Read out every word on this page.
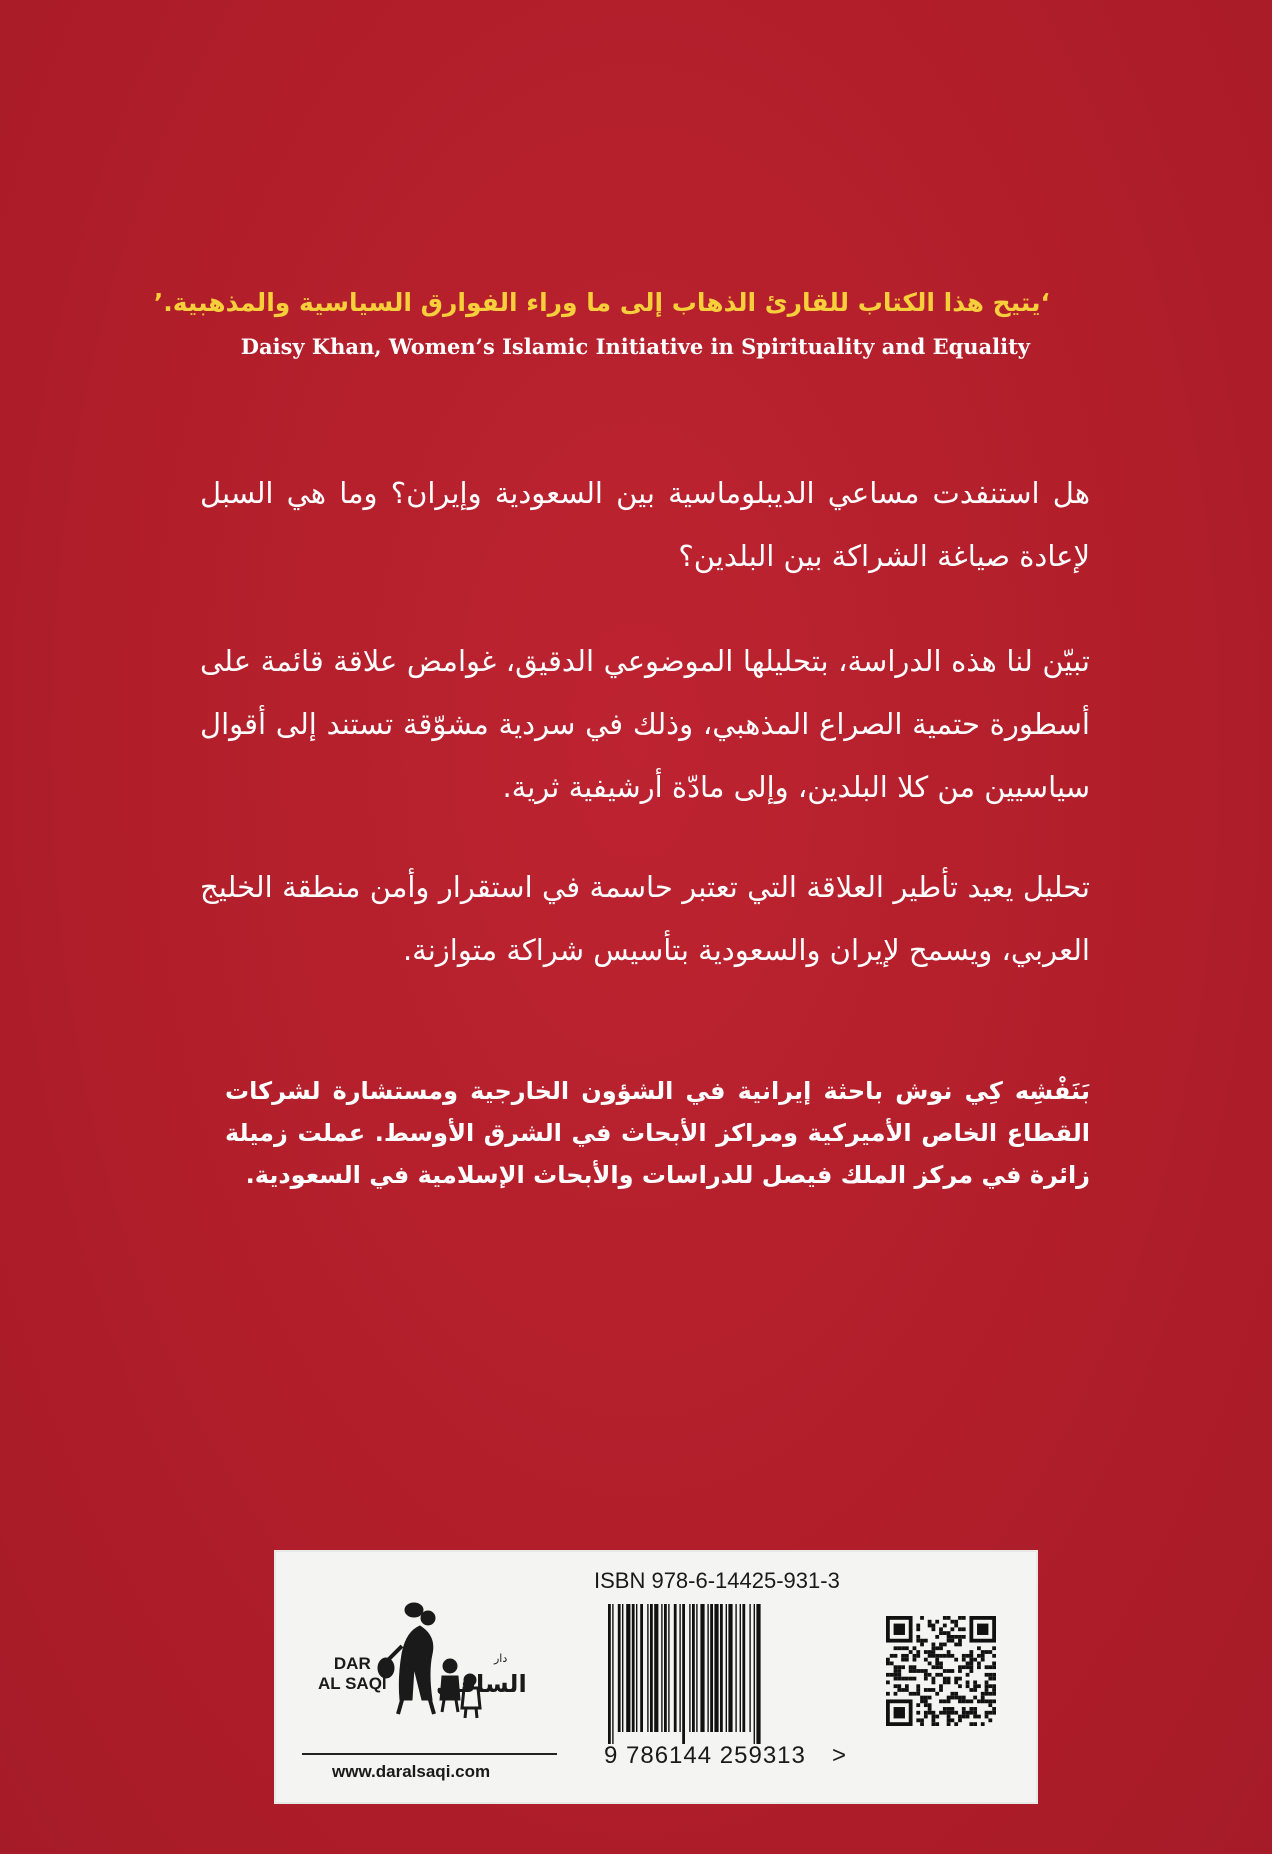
‘يتيح هذا الكتاب للقارئ الذهاب إلى ما وراء الفوارق السياسية والمذهبية.’
Daisy Khan, Women’s Islamic Initiative in Spirituality and Equality

هل استنفدت مساعي الديبلوماسية بين السعودية وإيران؟ وما هي السبل لإعادة صياغة الشراكة بين البلدين؟

تبيّن لنا هذه الدراسة، بتحليلها الموضوعي الدقيق، غوامض علاقة قائمة على أسطورة حتمية الصراع المذهبي، وذلك في سردية مشوّقة تستند إلى أقوال سياسيين من كلا البلدين، وإلى مادّة أرشيفية ثرية.

تحليل يعيد تأطير العلاقة التي تعتبر حاسمة في استقرار وأمن منطقة الخليج العربي، ويسمح لإيران والسعودية بتأسيس شراكة متوازنة.

بَنَفْشِه كِي نوش باحثة إيرانية في الشؤون الخارجية ومستشارة لشركات القطاع الخاص الأميركية ومراكز الأبحاث في الشرق الأوسط. عملت زميلة زائرة في مركز الملك فيصل للدراسات والأبحاث الإسلامية في السعودية.

DAR
AL SAQI
دار
الساقي
www.daralsaqi.com
ISBN 978-6-14425-931-3
9 786144 259313 >
